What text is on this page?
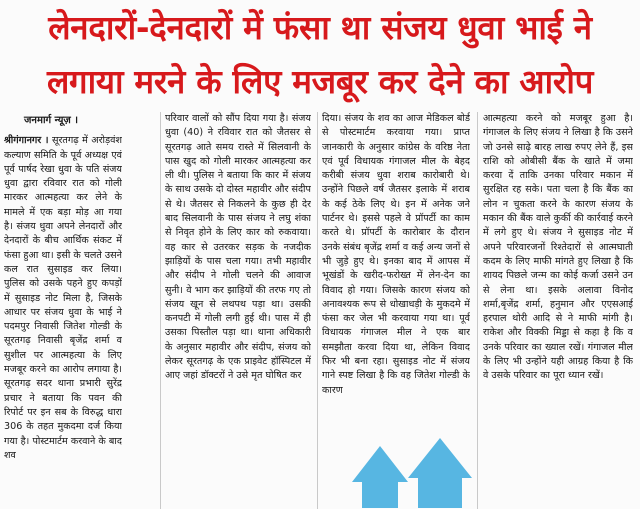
लेनदारों-देनदारों में फंसा था संजय धुवा भाई ने
लगाया मरने के लिए मजबूर कर देने का आरोप
जनमार्ग न्यूज़ ।

श्रीगंगानगर । सूरतगढ़ में अरोड़वंश कल्याण समिति के पूर्व अध्यक्ष एवं पूर्व पार्षद रेखा धुवा के पति संजय धुवा द्वारा रविवार रात को गोली मारकर आत्महत्या कर लेने के मामले में एक बड़ा मोड़ आ गया है। संजय धुवा अपने लेनदारों और देनदारों के बीच आर्थिक संकट में फंसा हुआ था। इसी के चलते उसने कल रात सुसाइड कर लिया। पुलिस को उसके पहने हुए कपड़ों में सुसाइड नोट मिला है, जिसके आधार पर संजय धुवा के भाई ने पदमपुर निवासी जितेश गोल्डी के सूरतगढ़ निवासी बृजेंद्र शर्मा व सुशील पर आत्महत्या के लिए मजबूर करने का आरोप लगाया है। सूरतगढ़ सदर थाना प्रभारी सुरेंद्र प्रचार ने बताया कि पवन की रिपोर्ट पर इन सब के विरुद्ध धारा 306 के तहत मुकदमा दर्ज किया गया है। पोस्टमार्टम करवाने के बाद शव

परिवार वालों को सौंप दिया गया है। संजय धुवा (40) ने रविवार रात को जैतसर से सूरतगढ़ आते समय रास्ते में सिलवानी के पास खुद को गोली मारकर आत्महत्या कर ली थी। पुलिस ने बताया कि कार में संजय के साथ उसके दो दोस्त महावीर और संदीप से थे। जैतसर से निकलने के कुछ ही देर बाद सिलवानी के पास संजय ने लघु शंका से निवृत होने के लिए कार को रुकवाया। वह कार से उतरकर सड़क के नजदीक झाड़ियों के पास चला गया। तभी महावीर और संदीप ने गोली चलने की आवाज सुनी। वे भाग कर झाड़ियों की तरफ गए तो संजय खून से लथपथ पड़ा था। उसकी कनपटी में गोली लगी हुई थी। पास में ही उसका पिस्तौल पड़ा था। थाना अधिकारी के अनुसार महावीर और संदीप, संजय को लेकर सूरतगढ़ के एक प्राइवेट हॉस्पिटल में आए जहां डॉक्टरों ने उसे मृत घोषित कर

दिया। संजय के शव का आज मेडिकल बोर्ड से पोस्टमार्टम करवाया गया। प्राप्त जानकारी के अनुसार कांग्रेस के वरिष्ठ नेता एवं पूर्व विधायक गंगाजल मील के बेहद करीबी संजय धुवा शराब कारोबारी थे। उन्होंने पिछले वर्ष जैतसर इलाके में शराब के कई ठेके लिए थे। इन में अनेक जने पार्टनर थे। इससे पहले वे प्रॉपर्टी का काम करते थे। प्रॉपर्टी के कारोबार के दौरान उनके संबंध बृजेंद्र शर्मा व कई अन्य जनों से भी जुड़े हुए थे। इनका बाद में आपस में भूखंडों के खरीद-फरोख्त में लेन-देन का विवाद हो गया। जिसके कारण संजय को अनावश्यक रूप से धोखाधड़ी के मुकदमे में फंसा कर जेल भी करवाया गया था। पूर्व विधायक गंगाजल मील ने एक बार समझौता करवा दिया था, लेकिन विवाद फिर भी बना रहा। सुसाइड नोट में संजय गाने स्पष्ट लिखा है कि वह जितेश गोल्डी के कारण

आत्महत्या करने को मजबूर हुआ है। गंगाजल के लिए संजय ने लिखा है कि उसने जो उनसे साढ़े बारह लाख रुपए लेने हैं, इस राशि को ओबीसी बैंक के खाते में जमा करवा दें ताकि उनका परिवार मकान में सुरक्षित रह सके। पता चला है कि बैंक का लोन न चुकता करने के कारण संजय के मकान की बैंक वाले कुर्की की कार्रवाई करने में लगे हुए थे। संजय ने सुसाइड नोट में अपने परिवारजनों रिश्तेदारों से आत्मघाती कदम के लिए माफी मांगते हुए लिखा है कि शायद पिछले जन्म का कोई कर्जा उसने उन से लेना था। इसके अलावा विनोद शर्मा,बृजेंद्र शर्मा, हनुमान और एएसआई हरपाल थोरी आदि से ने माफी मांगी है। राकेश और विक्की मिड्डा से कहा है कि व उनके परिवार का ख्याल रखें। गंगाजल मील के लिए भी उन्होंने यही आग्रह किया है कि वे उसके परिवार का पूरा ध्यान रखें।
